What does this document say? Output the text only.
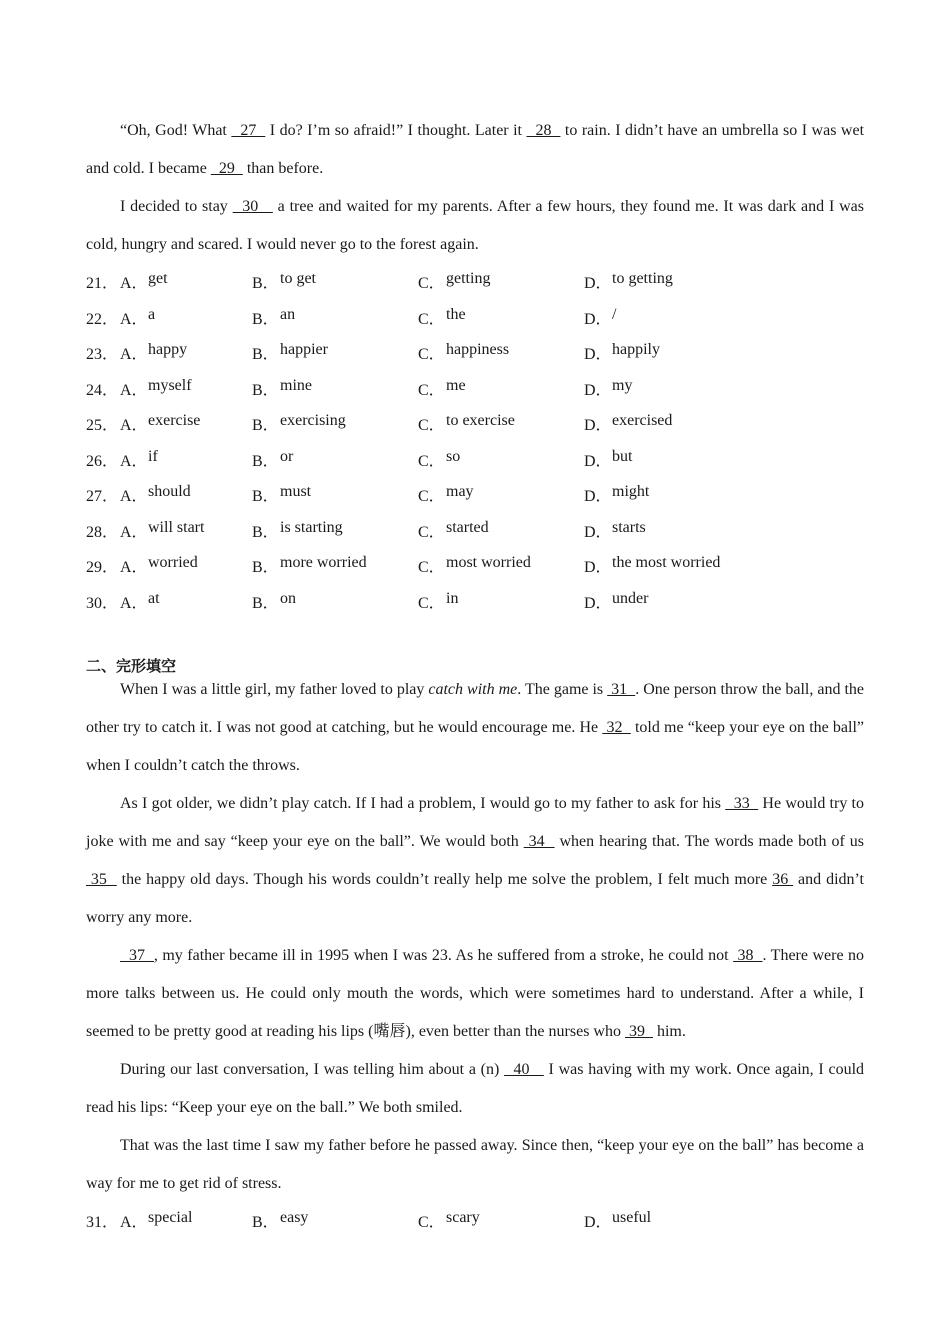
“Oh, God! What   27   I do? I’m so afraid!” I thought. Later it   28   to rain. I didn’t have an umbrella so I was wet and cold. I became   29   than before.

I decided to stay   30    a tree and waited for my parents. After a few hours, they found me. It was dark and I was cold, hungry and scared. I would never go to the forest again.

21． A． get	B． to get	C． getting	D． to getting
22． A． a	B． an	C． the	D． /
23． A． happy	B． happier	C． happiness	D． happily
24． A． myself	B． mine	C． me	D． my
25． A． exercise	B． exercising	C． to exercise	D． exercised
26． A． if	B． or	C． so	D． but
27． A． should	B． must	C． may	D． might
28． A． will start	B． is starting	C． started	D． starts
29． A． worried	B． more worried	C． most worried	D． the most worried
30． A． at	B． on	C． in	D． under
二、完形填空

When I was a little girl, my father loved to play catch with me. The game is  31  . One person throw the ball, and the other try to catch it. I was not good at catching, but he would encourage me. He  32   told me “keep your eye on the ball” when I couldn’t catch the throws.

As I got older, we didn’t play catch. If I had a problem, I would go to my father to ask for his   33   He would try to joke with me and say “keep your eye on the ball”. We would both  34   when hearing that. The words made both of us  35   the happy old days. Though his words couldn’t really help me solve the problem, I felt much more 36  and didn’t worry any more.

37  , my father became ill in 1995 when I was 23. As he suffered from a stroke, he could not  38  . There were no more talks between us. He could only mouth the words, which were sometimes hard to understand. After a while, I seemed to be pretty good at reading his lips (嘴唇), even better than the nurses who  39   him.

During our last conversation, I was telling him about a (n)   40    I was having with my work. Once again, I could read his lips: “Keep your eye on the ball.” We both smiled.

That was the last time I saw my father before he passed away. Since then, “keep your eye on the ball” has become a way for me to get rid of stress.

31． A． special	B． easy	C． scary	D． useful
